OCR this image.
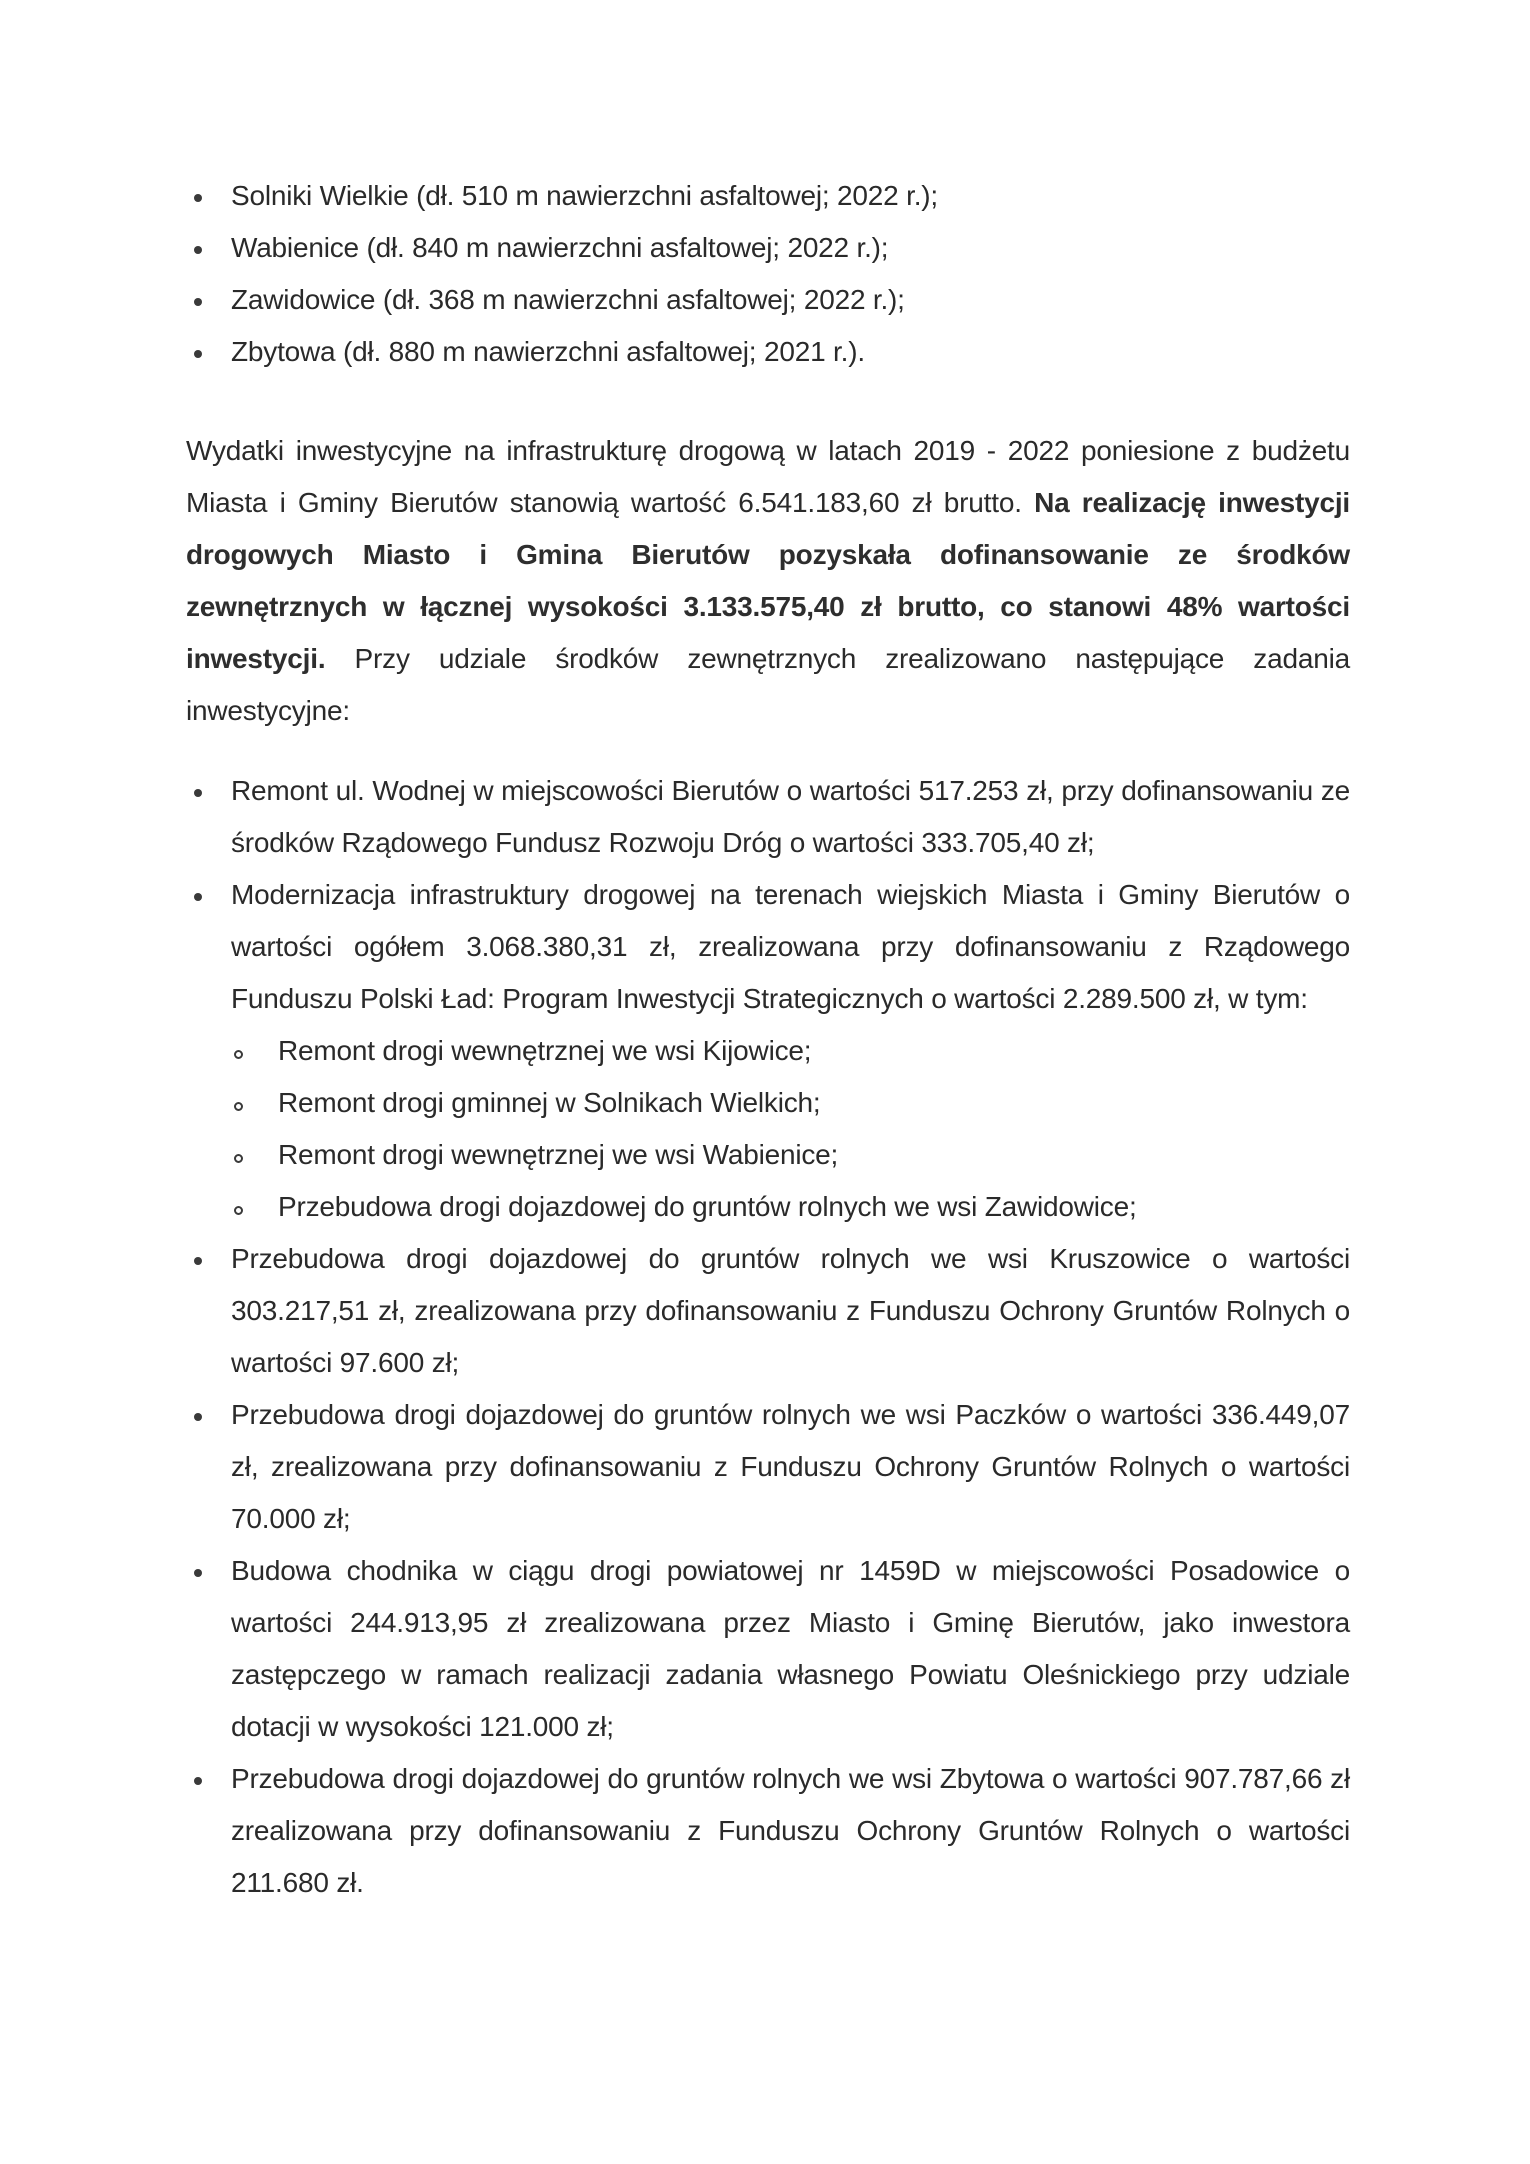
Solniki Wielkie (dł. 510 m nawierzchni asfaltowej; 2022 r.);
Wabienice (dł. 840 m nawierzchni asfaltowej; 2022 r.);
Zawidowice (dł. 368 m nawierzchni asfaltowej; 2022 r.);
Zbytowa (dł. 880 m nawierzchni asfaltowej; 2021 r.).

Wydatki inwestycyjne na infrastrukturę drogową w latach 2019 - 2022 poniesione z budżetu Miasta i Gminy Bierutów stanowią wartość 6.541.183,60 zł brutto. Na realizację inwestycji drogowych Miasto i Gmina Bierutów pozyskała dofinansowanie ze środków zewnętrznych w łącznej wysokości 3.133.575,40 zł brutto, co stanowi 48% wartości inwestycji. Przy udziale środków zewnętrznych zrealizowano następujące zadania inwestycyjne:

Remont ul. Wodnej w miejscowości Bierutów o wartości 517.253 zł, przy dofinansowaniu ze środków Rządowego Fundusz Rozwoju Dróg o wartości 333.705,40 zł;
Modernizacja infrastruktury drogowej na terenach wiejskich Miasta i Gminy Bierutów o wartości ogółem 3.068.380,31 zł, zrealizowana przy dofinansowaniu z Rządowego Funduszu Polski Ład: Program Inwestycji Strategicznych o wartości 2.289.500 zł, w tym:
Remont drogi wewnętrznej we wsi Kijowice;
Remont drogi gminnej w Solnikach Wielkich;
Remont drogi wewnętrznej we wsi Wabienice;
Przebudowa drogi dojazdowej do gruntów rolnych we wsi Zawidowice;
Przebudowa drogi dojazdowej do gruntów rolnych we wsi Kruszowice o wartości 303.217,51 zł, zrealizowana przy dofinansowaniu z Funduszu Ochrony Gruntów Rolnych o wartości 97.600 zł;
Przebudowa drogi dojazdowej do gruntów rolnych we wsi Paczków o wartości 336.449,07 zł, zrealizowana przy dofinansowaniu z Funduszu Ochrony Gruntów Rolnych o wartości 70.000 zł;
Budowa chodnika w ciągu drogi powiatowej nr 1459D w miejscowości Posadowice o wartości 244.913,95 zł zrealizowana przez Miasto i Gminę Bierutów, jako inwestora zastępczego w ramach realizacji zadania własnego Powiatu Oleśnickiego przy udziale dotacji w wysokości 121.000 zł;
Przebudowa drogi dojazdowej do gruntów rolnych we wsi Zbytowa o wartości 907.787,66 zł zrealizowana przy dofinansowaniu z Funduszu Ochrony Gruntów Rolnych o wartości 211.680 zł.
